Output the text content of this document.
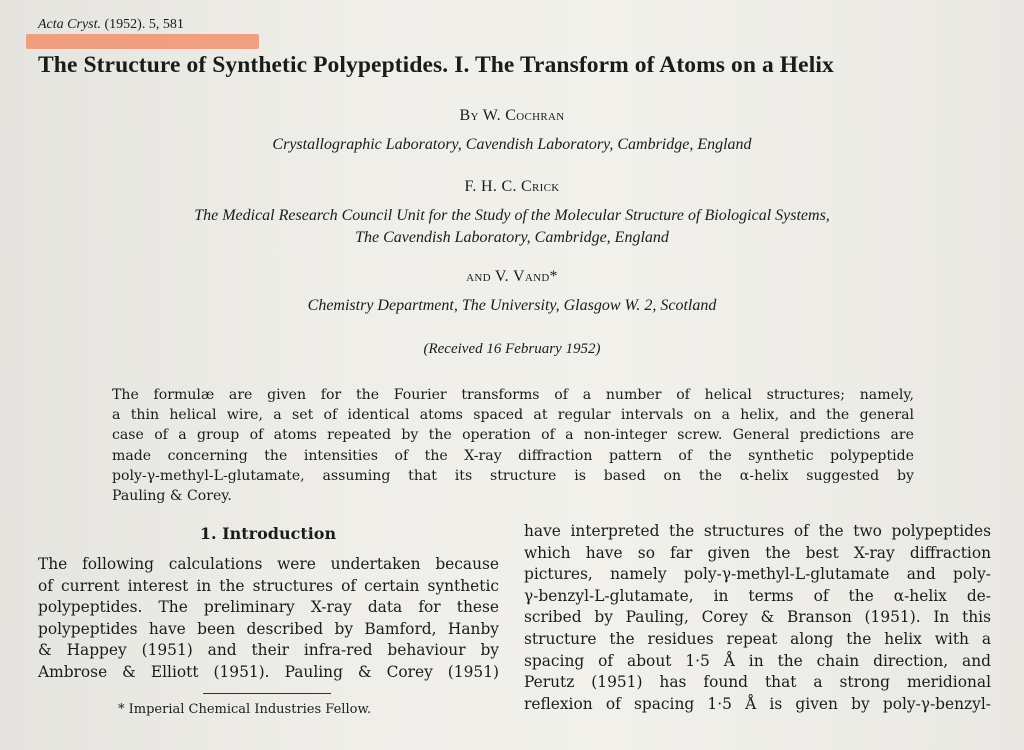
Acta Cryst. (1952). 5, 581
The Structure of Synthetic Polypeptides. I. The Transform of Atoms on a Helix
By W. Cochran
Crystallographic Laboratory, Cavendish Laboratory, Cambridge, England
F. H. C. Crick
The Medical Research Council Unit for the Study of the Molecular Structure of Biological Systems,
The Cavendish Laboratory, Cambridge, England
and V. Vand*
Chemistry Department, The University, Glasgow W. 2, Scotland
(Received 16 February 1952)
The formulæ are given for the Fourier transforms of a number of helical structures; namely,
a thin helical wire, a set of identical atoms spaced at regular intervals on a helix, and the general
case of a group of atoms repeated by the operation of a non-integer screw. General predictions are
made concerning the intensities of the X-ray diffraction pattern of the synthetic polypeptide
poly-γ-methyl-L-glutamate, assuming that its structure is based on the α-helix suggested by
Pauling & Corey.
1. Introduction
The following calculations were undertaken because
of current interest in the structures of certain synthetic
polypeptides. The preliminary X-ray data for these
polypeptides have been described by Bamford, Hanby
& Happey (1951) and their infra-red behaviour by
Ambrose & Elliott (1951). Pauling & Corey (1951)
* Imperial Chemical Industries Fellow.
have interpreted the structures of the two polypeptides
which have so far given the best X-ray diffraction
pictures, namely poly-γ-methyl-L-glutamate and poly-
γ-benzyl-L-glutamate, in terms of the α-helix de-
scribed by Pauling, Corey & Branson (1951). In this
structure the residues repeat along the helix with a
spacing of about 1·5 Å in the chain direction, and
Perutz (1951) has found that a strong meridional
reflexion of spacing 1·5 Å is given by poly-γ-benzyl-
